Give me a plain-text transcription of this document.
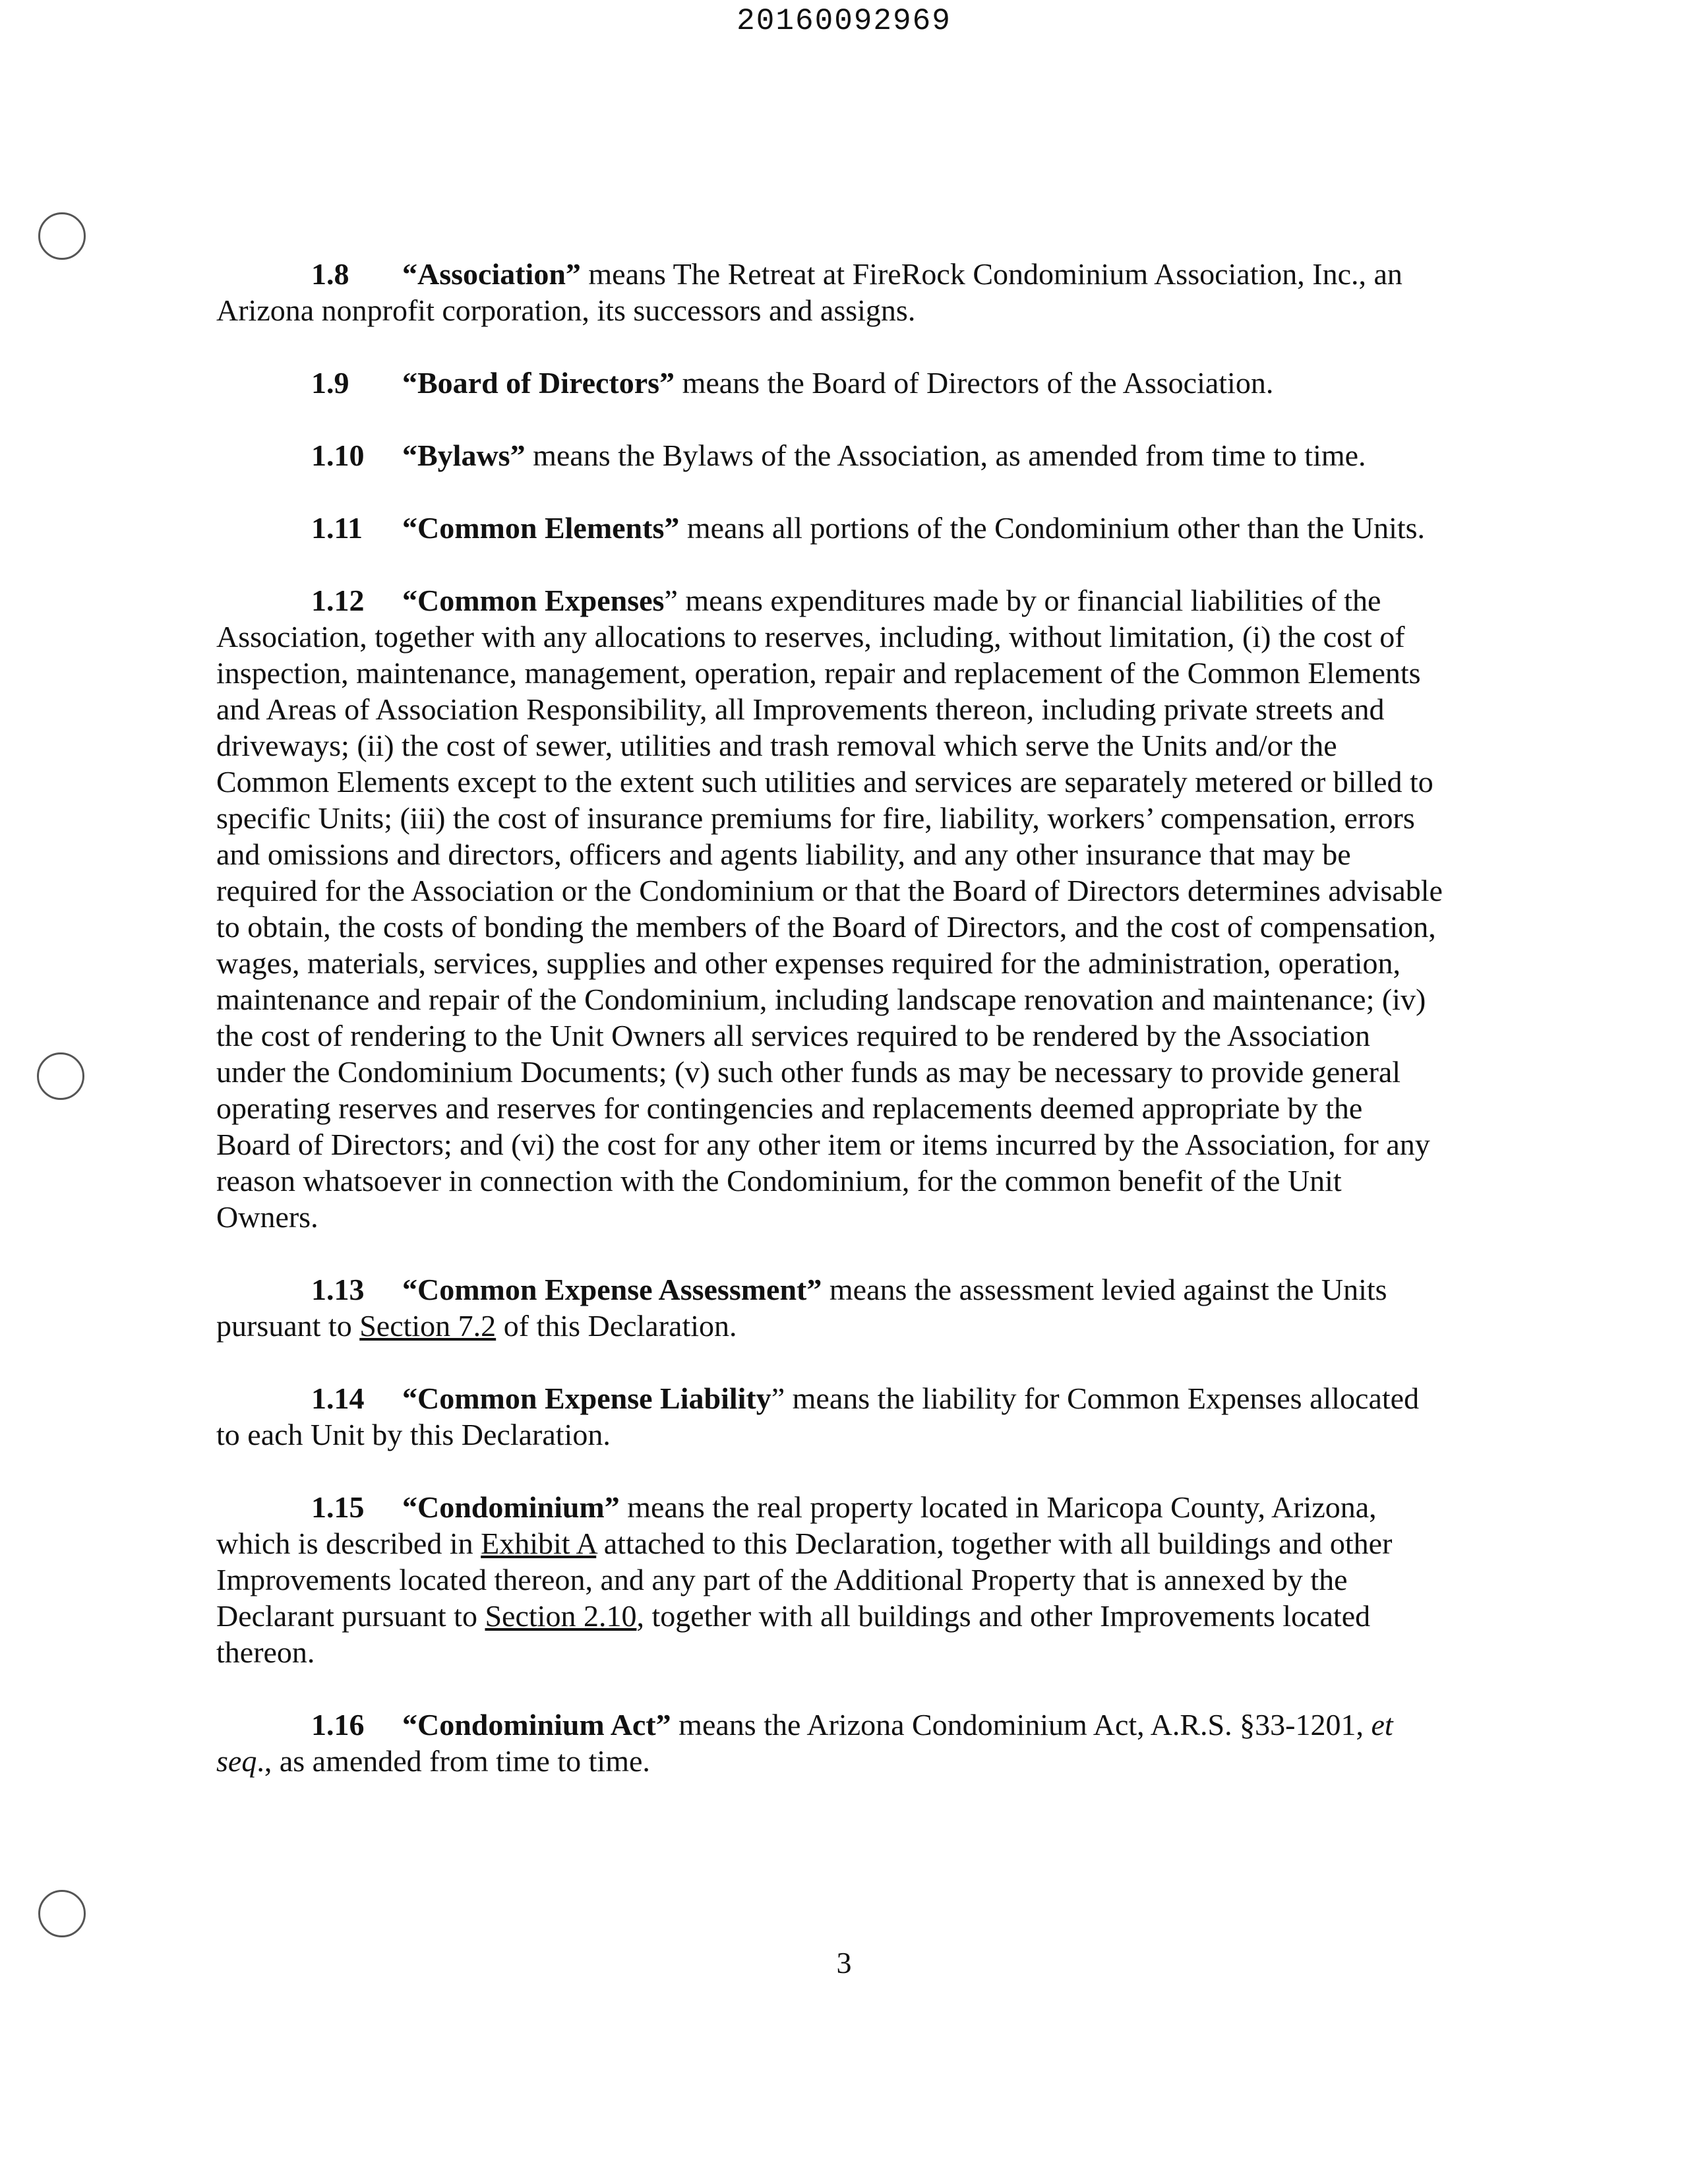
20160092969

1.8 “Association” means The Retreat at FireRock Condominium Association, Inc., an Arizona nonprofit corporation, its successors and assigns.

1.9 “Board of Directors” means the Board of Directors of the Association.

1.10 “Bylaws” means the Bylaws of the Association, as amended from time to time.

1.11 “Common Elements” means all portions of the Condominium other than the Units.

1.12 “Common Expenses” means expenditures made by or financial liabilities of the Association, together with any allocations to reserves, including, without limitation, (i) the cost of inspection, maintenance, management, operation, repair and replacement of the Common Elements and Areas of Association Responsibility, all Improvements thereon, including private streets and driveways; (ii) the cost of sewer, utilities and trash removal which serve the Units and/or the Common Elements except to the extent such utilities and services are separately metered or billed to specific Units; (iii) the cost of insurance premiums for fire, liability, workers’ compensation, errors and omissions and directors, officers and agents liability, and any other insurance that may be required for the Association or the Condominium or that the Board of Directors determines advisable to obtain, the costs of bonding the members of the Board of Directors, and the cost of compensation, wages, materials, services, supplies and other expenses required for the administration, operation, maintenance and repair of the Condominium, including landscape renovation and maintenance; (iv) the cost of rendering to the Unit Owners all services required to be rendered by the Association under the Condominium Documents; (v) such other funds as may be necessary to provide general operating reserves and reserves for contingencies and replacements deemed appropriate by the Board of Directors; and (vi) the cost for any other item or items incurred by the Association, for any reason whatsoever in connection with the Condominium, for the common benefit of the Unit Owners.

1.13 “Common Expense Assessment” means the assessment levied against the Units pursuant to Section 7.2 of this Declaration.

1.14 “Common Expense Liability” means the liability for Common Expenses allocated to each Unit by this Declaration.

1.15 “Condominium” means the real property located in Maricopa County, Arizona, which is described in Exhibit A attached to this Declaration, together with all buildings and other Improvements located thereon, and any part of the Additional Property that is annexed by the Declarant pursuant to Section 2.10, together with all buildings and other Improvements located thereon.

1.16 “Condominium Act” means the Arizona Condominium Act, A.R.S. §33-1201, et seq., as amended from time to time.

3
